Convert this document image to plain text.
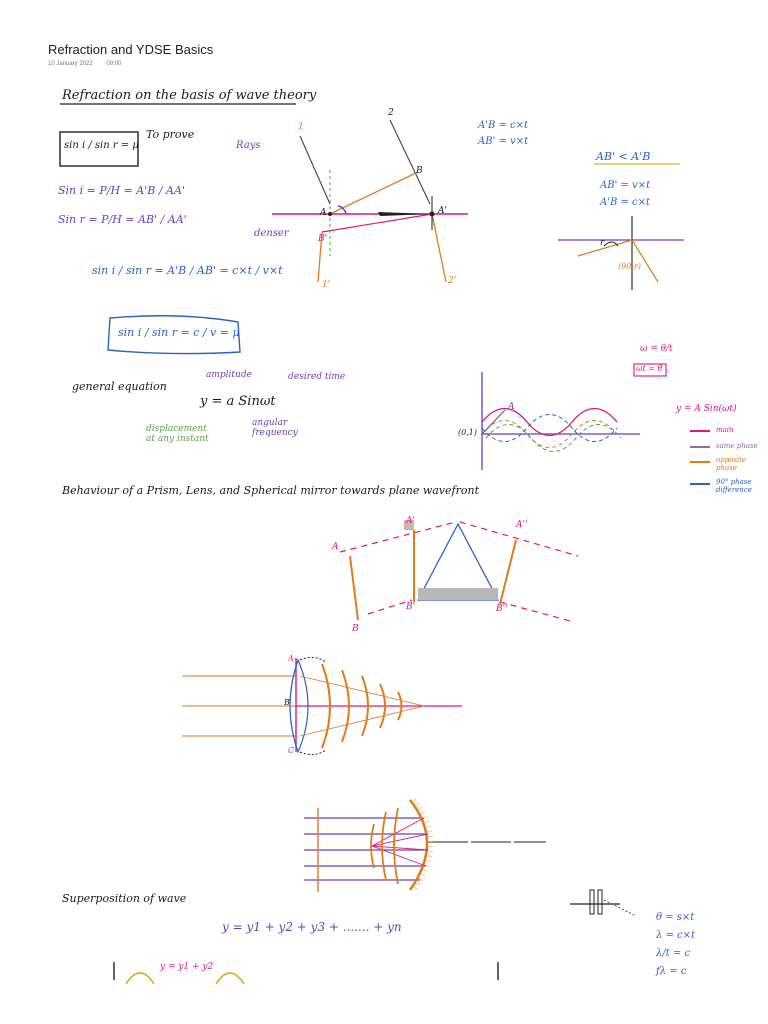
Refraction and YDSE Basics
10 January 2022 09:00
Refraction on the basis of wave theory
sin i / sin r = μ
To prove
Rays
denser
Sin i = P/H = A'B / AA'
Sin r = P/H = AB' / AA'
sin i / sin r = A'B / AB' = c×t / v×t
sin i / sin r = c / v = μ
A'B = c×t
AB' = v×t
AB' < A'B
AB' = v×t
A'B = c×t
1
2
1'	2'
A
B
A'
B'	r
(90-r)
general equation
amplitude
y = a Sinωt
desired time
displacement at any instant
angular frequency
ω = θ/t
ωt = θ
y = A Sin(ωt)
main
same phase
opposite phase
90° phase difference
A
(0,1)
Behaviour of a Prism, Lens, and Spherical mirror towards plane wavefront
A
B
A'	A''
B'	B''
A
B
C
Superposition of wave
y = y1 + y2 + y3 + ....... + yn
y = y1 + y2
θ = s×t
λ = c×t
λ/t = c
fλ = c
